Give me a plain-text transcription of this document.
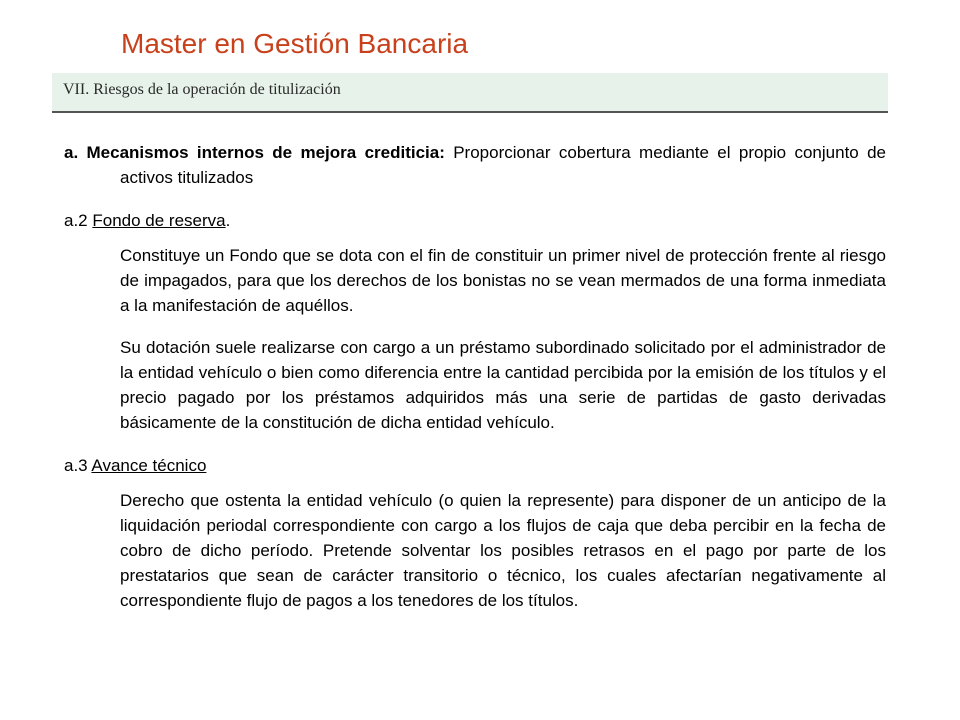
Master en Gestión Bancaria
VII. Riesgos de la operación de titulización

a. Mecanismos internos de mejora crediticia: Proporcionar cobertura mediante el propio conjunto de activos titulizados

a.2 Fondo de reserva.

Constituye un Fondo que se dota con el fin de constituir un primer nivel de protección frente al riesgo de impagados, para que los derechos de los bonistas no se vean mermados de una forma inmediata a la manifestación de aquéllos.

Su dotación suele realizarse con cargo a un préstamo subordinado solicitado por el administrador de la entidad vehículo o bien como diferencia entre la cantidad percibida por la emisión de los títulos y el precio pagado por los préstamos adquiridos más una serie de partidas de gasto derivadas básicamente de la constitución de dicha entidad vehículo.

a.3 Avance técnico

Derecho que ostenta la entidad vehículo (o quien la represente) para disponer de un anticipo de la liquidación periodal correspondiente con cargo a los flujos de caja que deba percibir en la fecha de cobro de dicho período. Pretende solventar los posibles retrasos en el pago por parte de los prestatarios que sean de carácter transitorio o técnico, los cuales afectarían negativamente al correspondiente flujo de pagos a los tenedores de los títulos.
